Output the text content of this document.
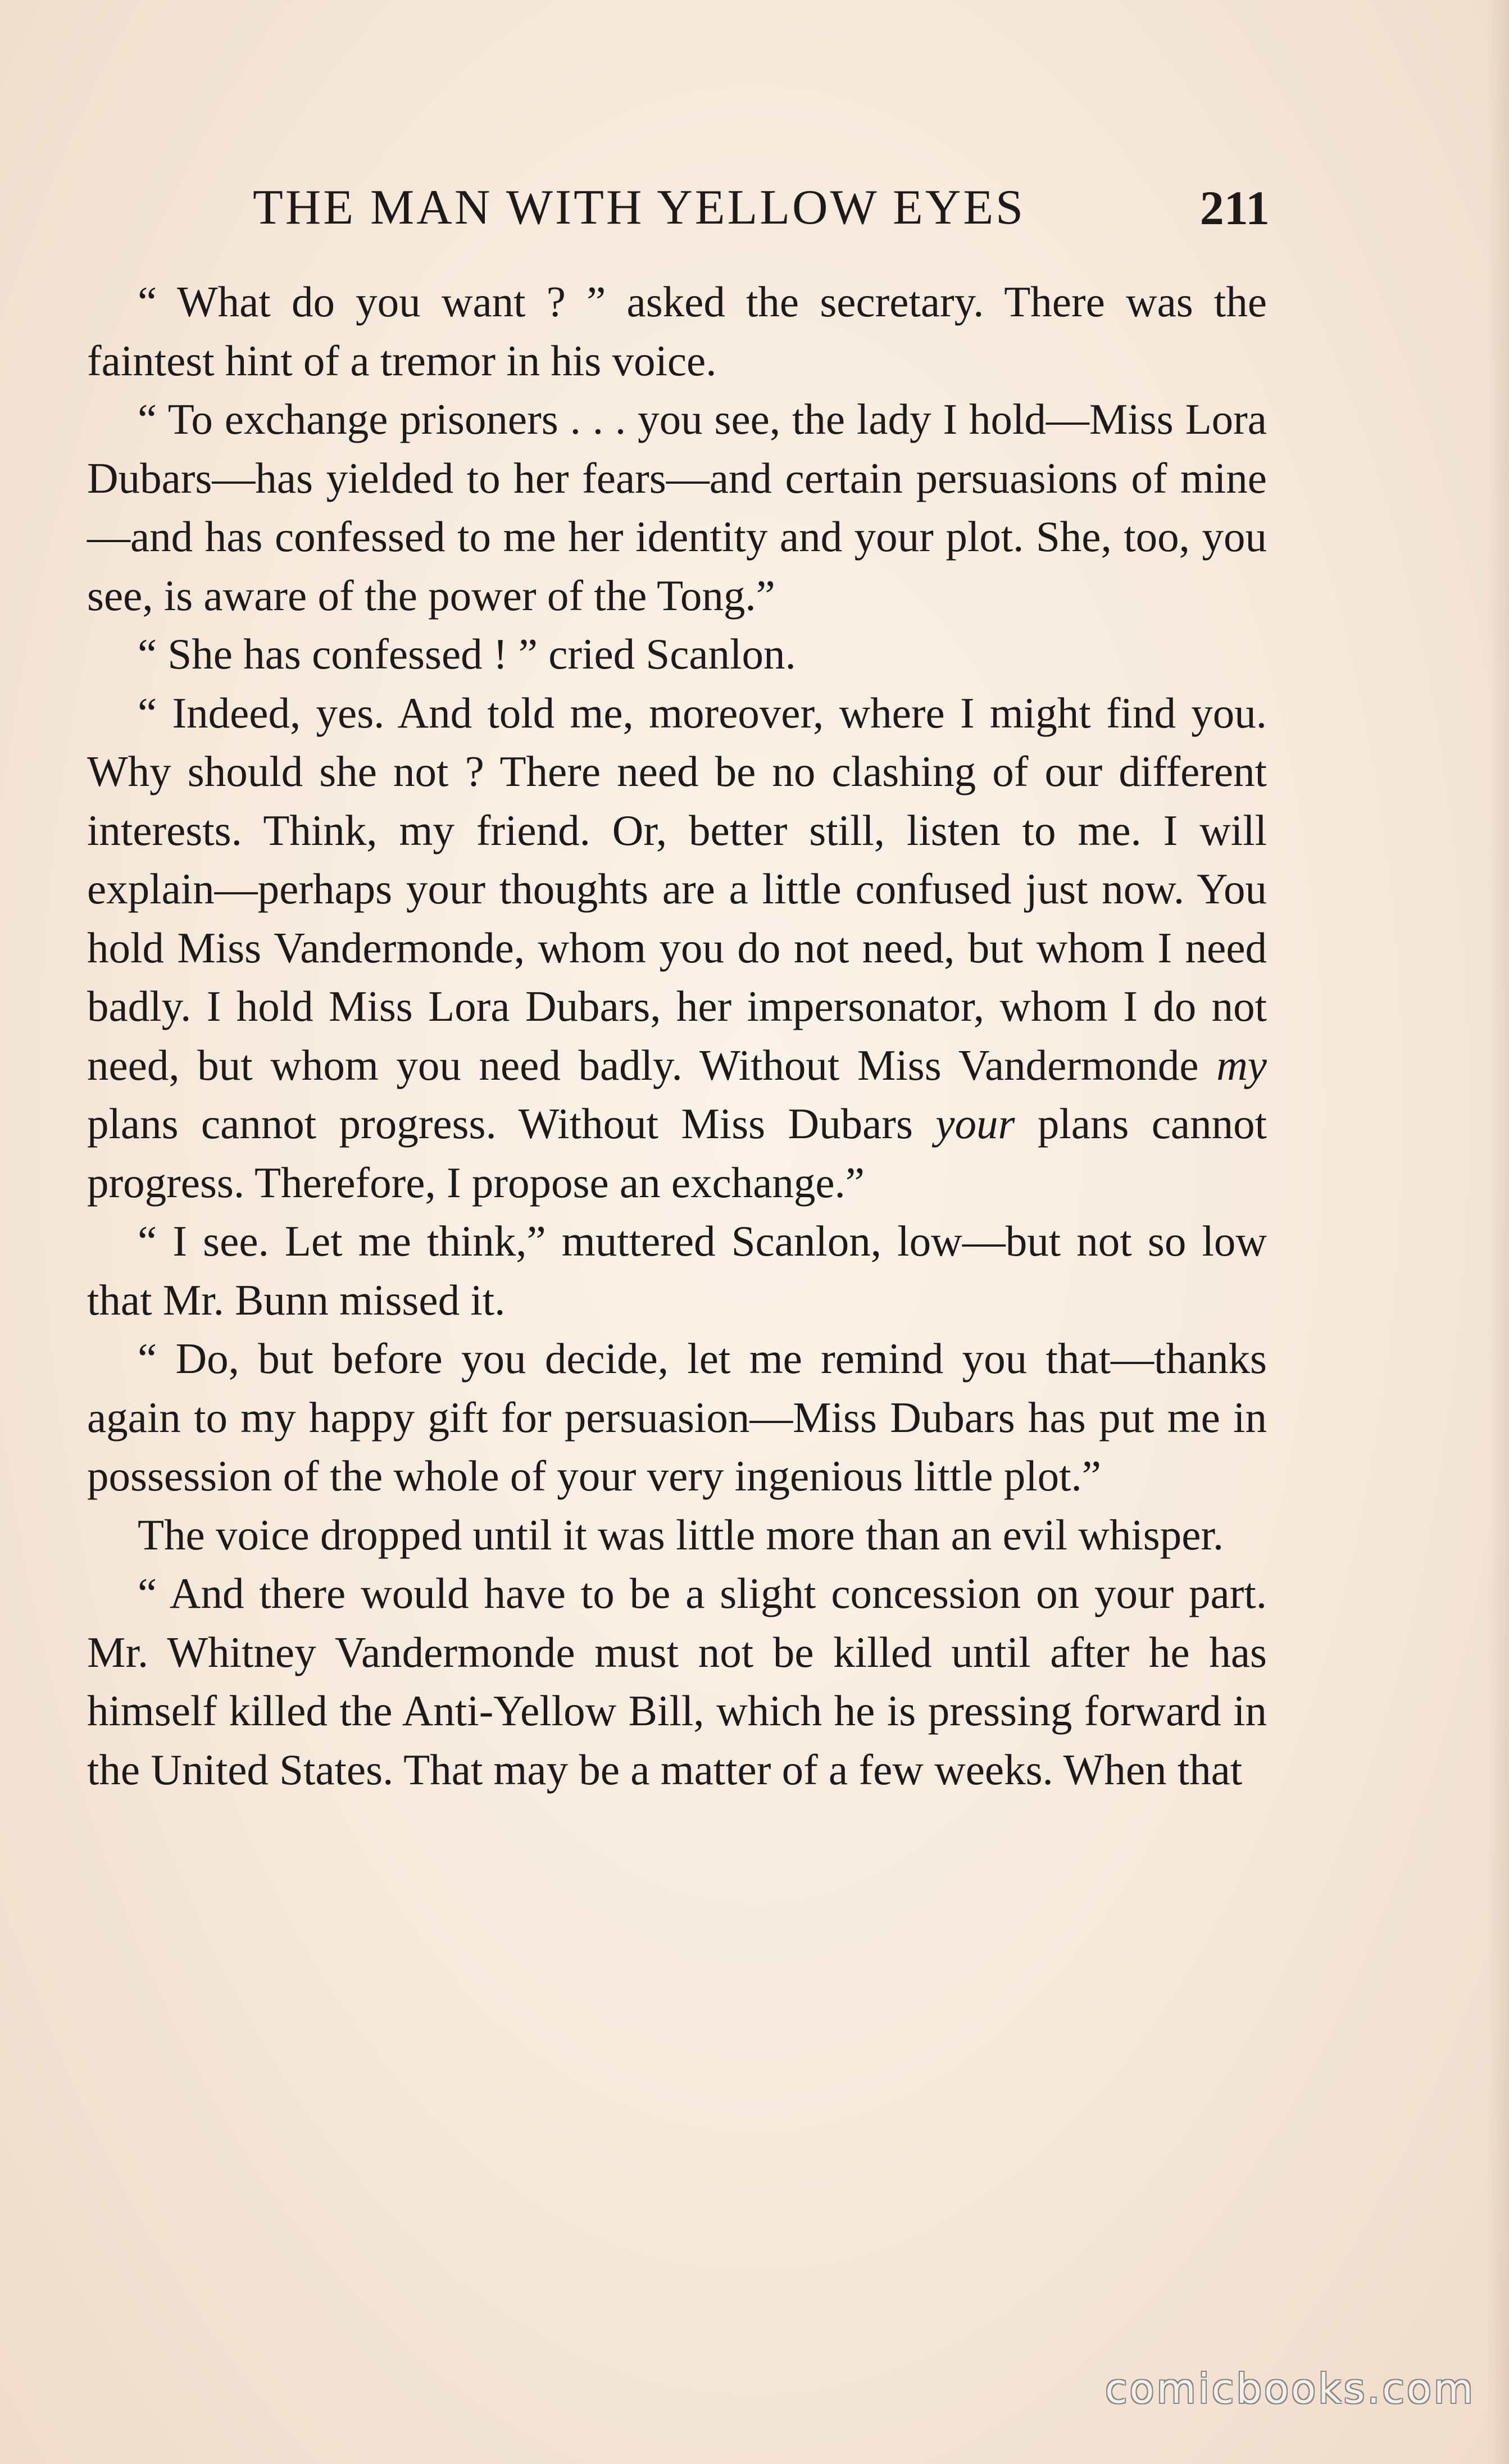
THE MAN WITH YELLOW EYES	211

“ What do you want ? ” asked the secretary. There was the faintest hint of a tremor in his voice.

“ To exchange prisoners . . . you see, the lady I hold—Miss Lora Dubars—has yielded to her fears—and certain persuasions of mine—and has confessed to me her identity and your plot. She, too, you see, is aware of the power of the Tong.”

“ She has confessed ! ” cried Scanlon.

“ Indeed, yes. And told me, moreover, where I might find you. Why should she not ? There need be no clashing of our different interests. Think, my friend. Or, better still, listen to me. I will explain—perhaps your thoughts are a little confused just now. You hold Miss Vandermonde, whom you do not need, but whom I need badly. I hold Miss Lora Dubars, her impersonator, whom I do not need, but whom you need badly. Without Miss Vandermonde my plans cannot progress. Without Miss Dubars your plans cannot progress. Therefore, I propose an exchange.”

“ I see. Let me think,” muttered Scanlon, low—but not so low that Mr. Bunn missed it.

“ Do, but before you decide, let me remind you that—thanks again to my happy gift for persuasion—Miss Dubars has put me in possession of the whole of your very ingenious little plot.”

The voice dropped until it was little more than an evil whisper.

“ And there would have to be a slight concession on your part. Mr. Whitney Vandermonde must not be killed until after he has himself killed the Anti-Yellow Bill, which he is pressing forward in the United States. That may be a matter of a few weeks. When that

comicbooks.com
